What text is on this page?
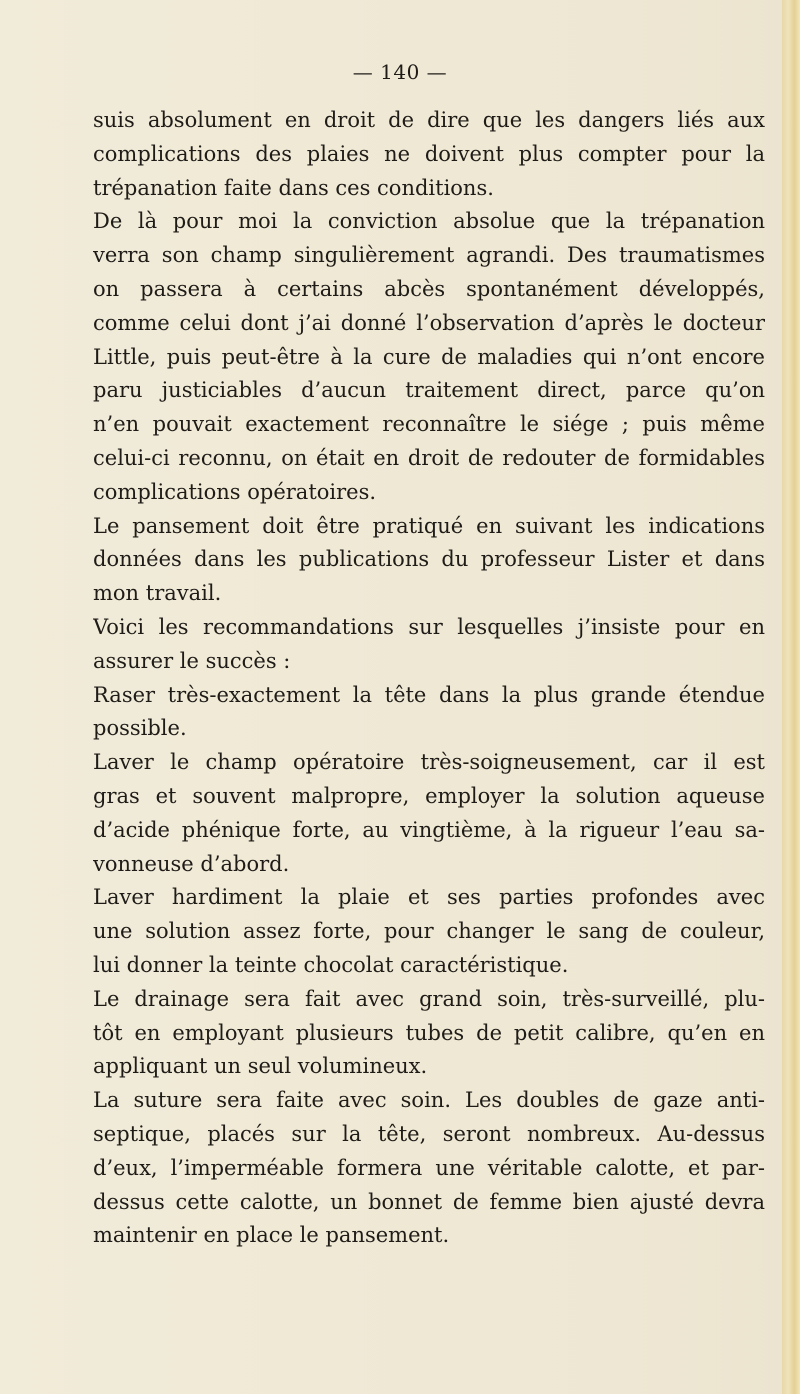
— 140 —
suis absolument en droit de dire que les dangers liés aux
complications des plaies ne doivent plus compter pour la
trépanation faite dans ces conditions.
De là pour moi la conviction absolue que la trépanation
verra son champ singulièrement agrandi. Des traumatismes
on passera à certains abcès spontanément développés,
comme celui dont j’ai donné l’observation d’après le docteur
Little, puis peut-être à la cure de maladies qui n’ont encore
paru justiciables d’aucun traitement direct, parce qu’on
n’en pouvait exactement reconnaître le siége ; puis même
celui-ci reconnu, on était en droit de redouter de formidables
complications opératoires.
Le pansement doit être pratiqué en suivant les indications
données dans les publications du professeur Lister et dans
mon travail.
Voici les recommandations sur lesquelles j’insiste pour en
assurer le succès :
Raser très-exactement la tête dans la plus grande étendue
possible.
Laver le champ opératoire très-soigneusement, car il est
gras et souvent malpropre, employer la solution aqueuse
d’acide phénique forte, au vingtième, à la rigueur l’eau sa-
vonneuse d’abord.
Laver hardiment la plaie et ses parties profondes avec
une solution assez forte, pour changer le sang de couleur,
lui donner la teinte chocolat caractéristique.
Le drainage sera fait avec grand soin, très-surveillé, plu-
tôt en employant plusieurs tubes de petit calibre, qu’en en
appliquant un seul volumineux.
La suture sera faite avec soin. Les doubles de gaze anti-
septique, placés sur la tête, seront nombreux. Au-dessus
d’eux, l’imperméable formera une véritable calotte, et par-
dessus cette calotte, un bonnet de femme bien ajusté devra
maintenir en place le pansement.
